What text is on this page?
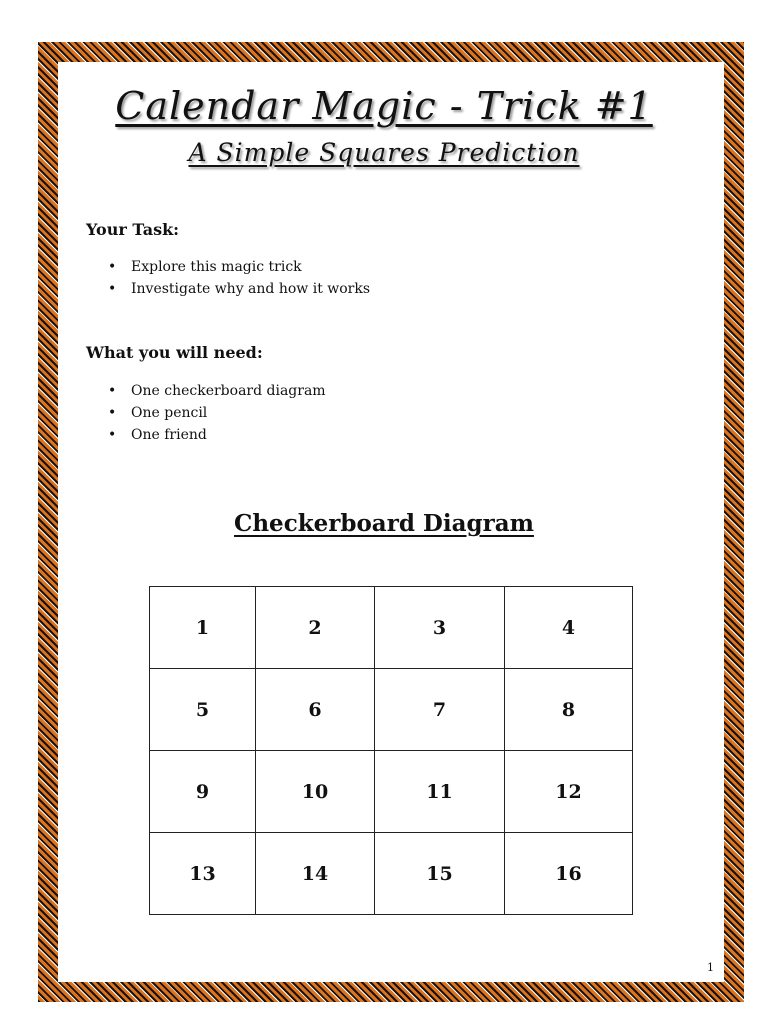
Calendar Magic - Trick #1
A Simple Squares Prediction
Your Task:
• Explore this magic trick
• Investigate why and how it works
What you will need:
• One checkerboard diagram
• One pencil
• One friend
Checkerboard Diagram
1	2	3	4
5	6	7	8
9	10	11	12
13	14	15	16
1
